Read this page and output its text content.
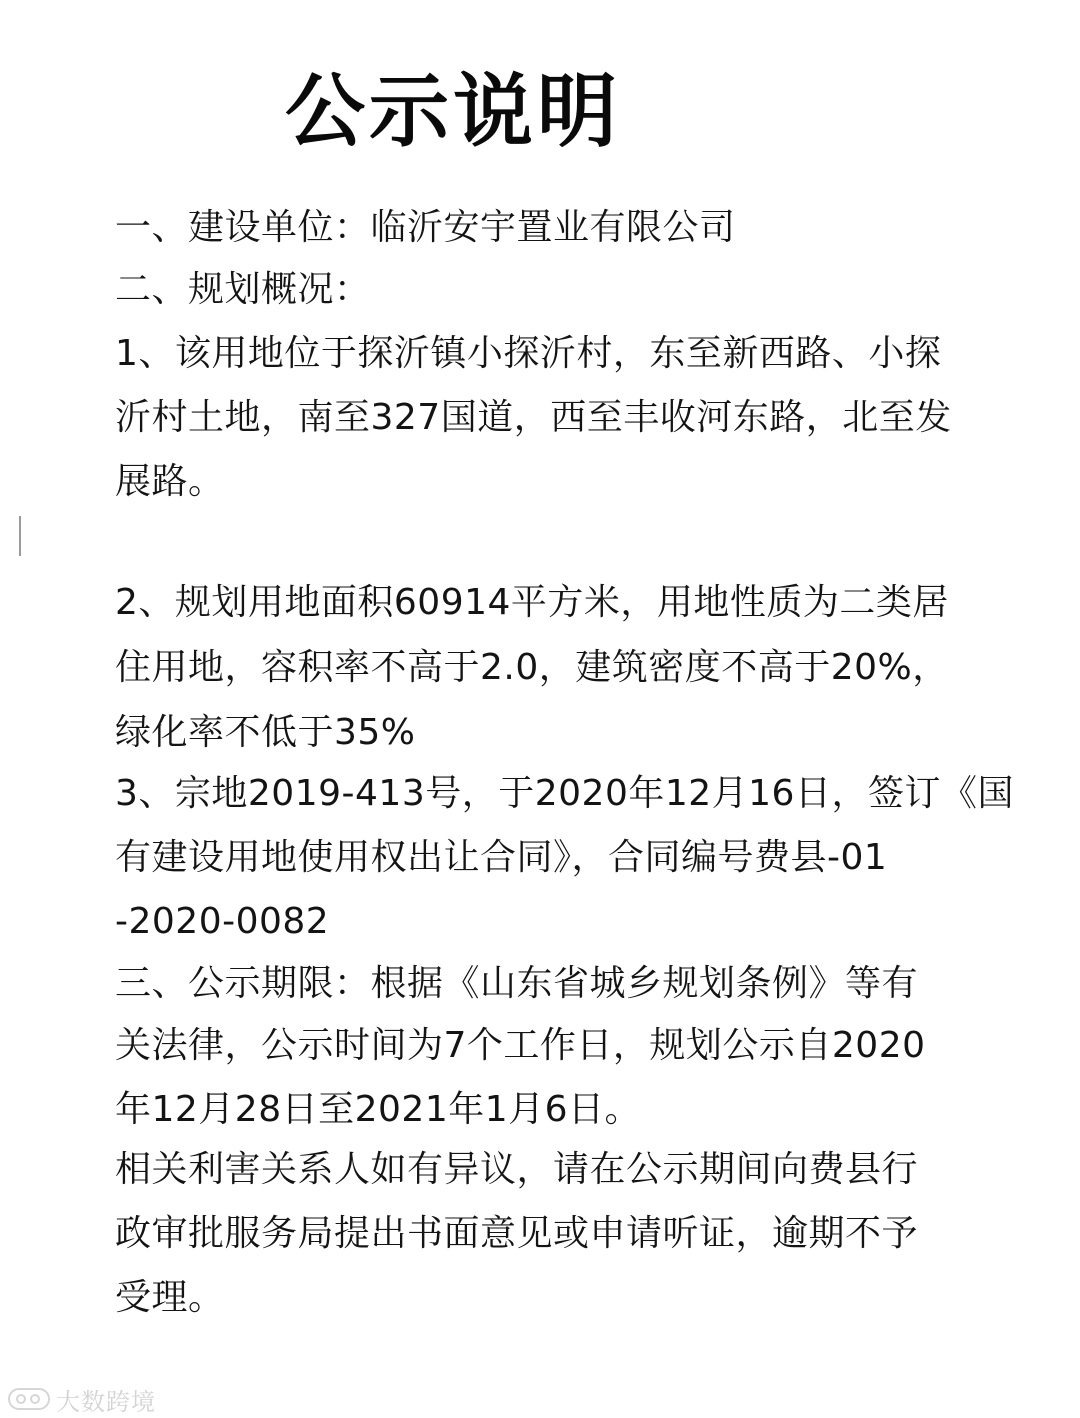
公示说明
一、建设单位：临沂安宇置业有限公司
二、规划概况：
1、该用地位于探沂镇小探沂村，东至新西路、小探
沂村土地，南至327国道，西至丰收河东路，北至发
展路。
2、规划用地面积60914平方米，用地性质为二类居
住用地，容积率不高于2.0，建筑密度不高于20%，
绿化率不低于35%
3、宗地2019-413号，于2020年12月16日，签订《国
有建设用地使用权出让合同》，合同编号费县-01
-2020-0082
三、公示期限：根据《山东省城乡规划条例》等有
关法律，公示时间为7个工作日，规划公示自2020
年12月28日至2021年1月6日。
相关利害关系人如有异议，请在公示期间向费县行
政审批服务局提出书面意见或申请听证，逾期不予
受理。
大数跨境
